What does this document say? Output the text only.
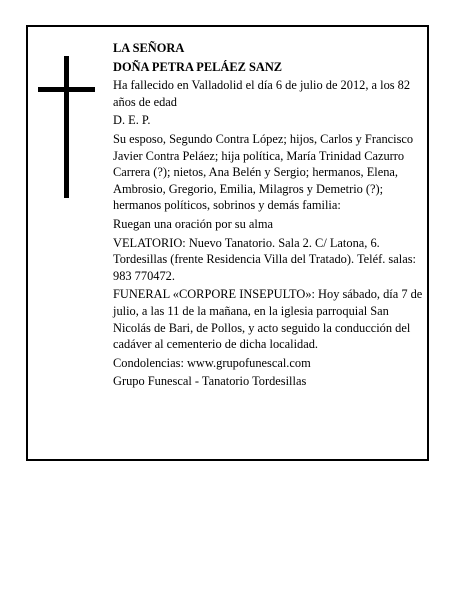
LA SEÑORA

DOÑA PETRA PELÁEZ SANZ

Ha fallecido en Valladolid el día 6 de julio de 2012, a los 82 años de edad

D. E. P.

Su esposo, Segundo Contra López; hijos, Carlos y Francisco Javier Contra Peláez; hija política, María Trinidad Cazurro Carrera (?); nietos, Ana Belén y Sergio; hermanos, Elena, Ambrosio, Gregorio, Emilia, Milagros y Demetrio (?); hermanos políticos, sobrinos y demás familia:

Ruegan una oración por su alma

VELATORIO: Nuevo Tanatorio. Sala 2. C/ Latona, 6. Tordesillas (frente Residencia Villa del Tratado). Teléf. salas: 983 770472.

FUNERAL «CORPORE INSEPULTO»: Hoy sábado, día 7 de julio, a las 11 de la mañana, en la iglesia parroquial San Nicolás de Bari, de Pollos, y acto seguido la conducción del cadáver al cementerio de dicha localidad.

Condolencias: www.grupofunescal.com

Grupo Funescal - Tanatorio Tordesillas
